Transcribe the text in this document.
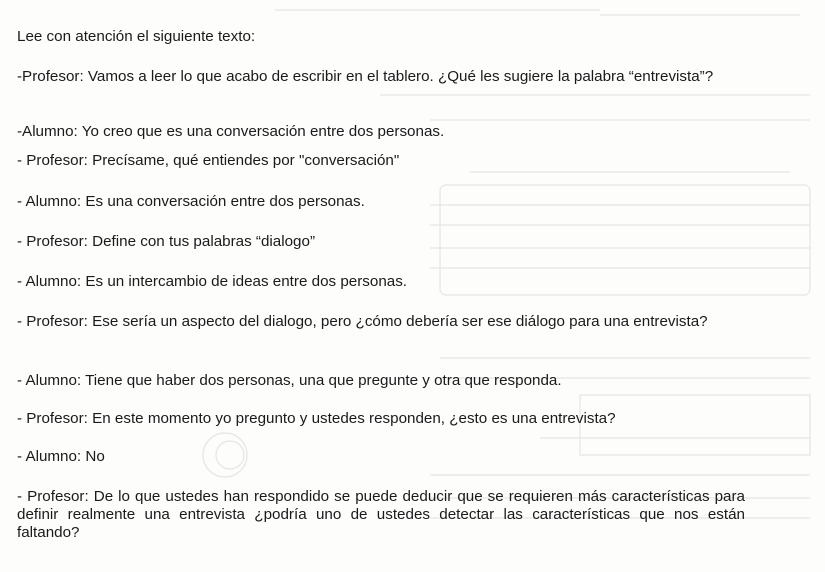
Lee con atención el siguiente texto:

-Profesor: Vamos a leer lo que acabo de escribir en el tablero. ¿Qué les sugiere la palabra “entrevista”?

-Alumno: Yo creo que es una conversación entre dos personas.

- Profesor: Precísame, qué entiendes por "conversación"

- Alumno: Es una conversación entre dos personas.

- Profesor: Define con tus palabras “dialogo”

- Alumno: Es un intercambio de ideas entre dos personas.

- Profesor: Ese sería un aspecto del dialogo, pero ¿cómo debería ser ese diálogo para una entrevista?

- Alumno: Tiene que haber dos personas, una que pregunte y otra que responda.

- Profesor: En este momento yo pregunto y ustedes responden, ¿esto es una entrevista?

- Alumno: No

- Profesor: De lo que ustedes han respondido se puede deducir que se requieren más características para definir realmente una entrevista ¿podría uno de ustedes detectar las características que nos están faltando?
